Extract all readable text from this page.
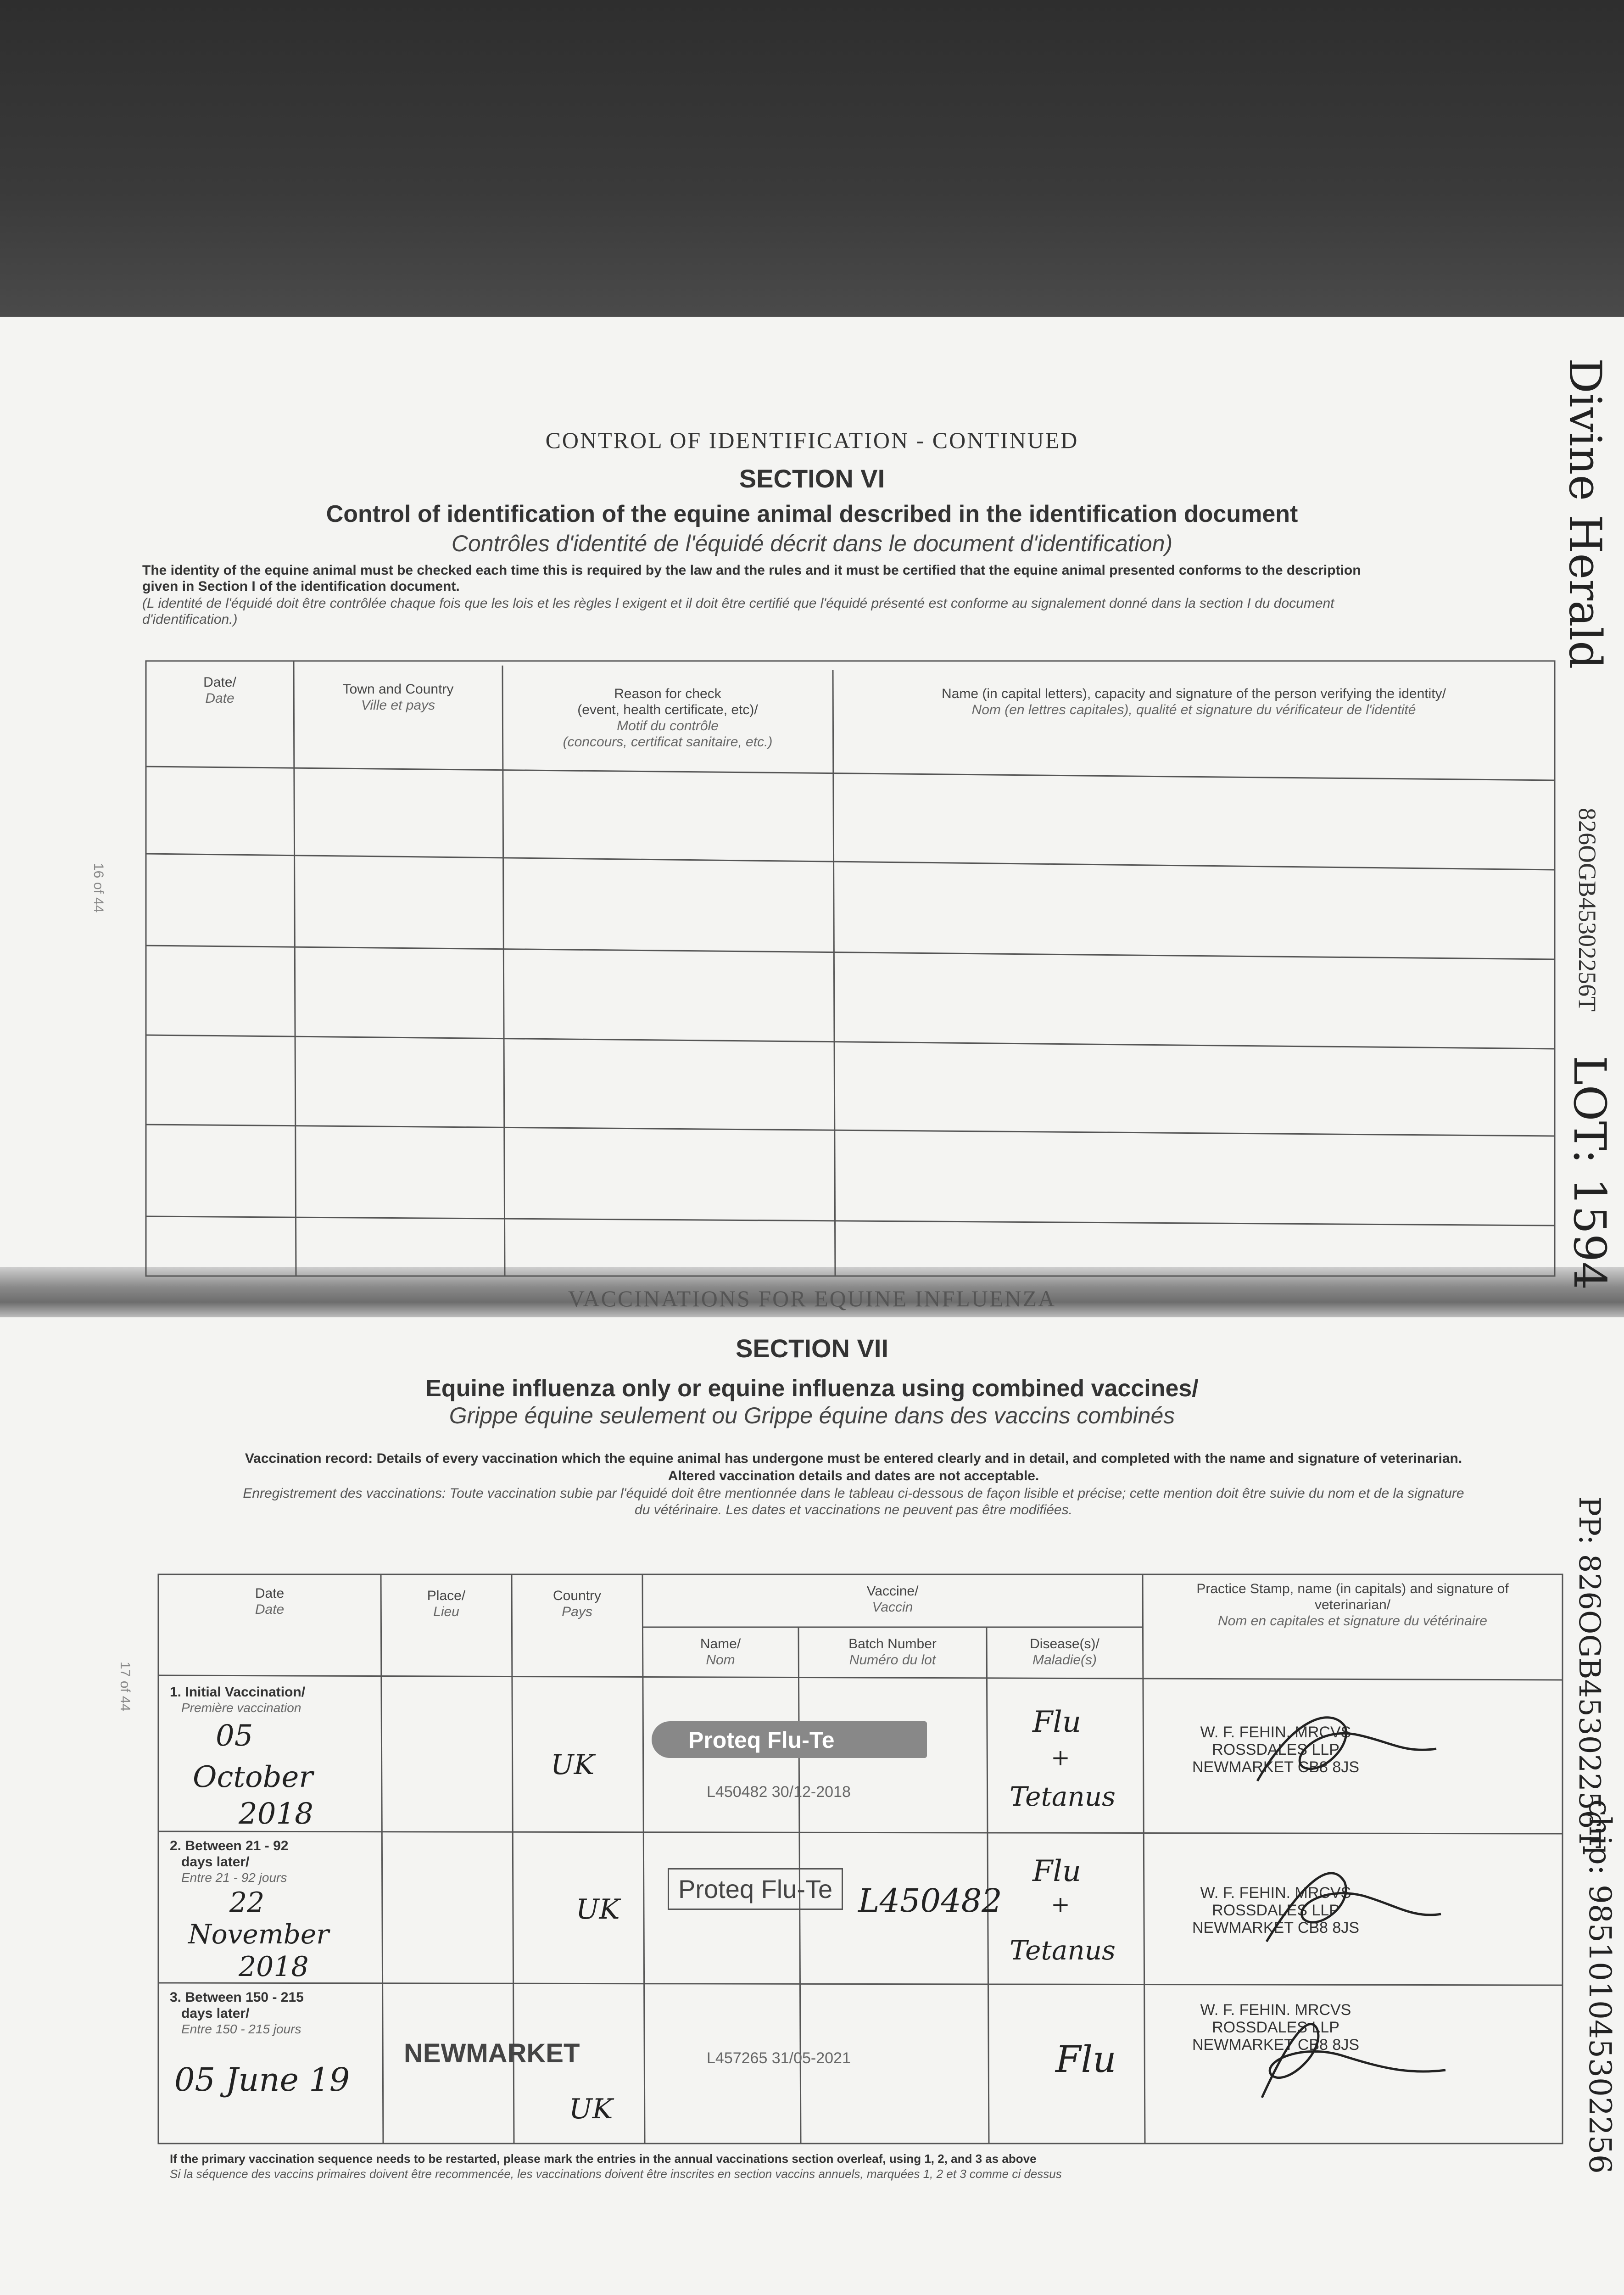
CONTROL OF IDENTIFICATION - CONTINUED
SECTION VI
Control of identification of the equine animal described in the identification document
Contrôles d'identité de l'équidé décrit dans le document d'identification)
The identity of the equine animal must be checked each time this is required by the law and the rules and it must be certified that the equine animal presented conforms to the description
given in Section I of the identification document.
(L identité de l'équidé doit être contrôlée chaque fois que les lois et les règles l exigent et il doit être certifié que l'équidé présenté est conforme au signalement donné dans la section I du document
d'identification.)
Date/
Date
Town and Country
Ville et pays
Reason for check
(event, health certificate, etc)/
Motif du contrôle
(concours, certificat sanitaire, etc.)
Name (in capital letters), capacity and signature of the person verifying the identity/
Nom (en lettres capitales), qualité et signature du vérificateur de l'identité
16 of 44
VACCINATIONS FOR EQUINE INFLUENZA
SECTION VII
Equine influenza only or equine influenza using combined vaccines/
Grippe équine seulement ou Grippe équine dans des vaccins combinés
Vaccination record: Details of every vaccination which the equine animal has undergone must be entered clearly and in detail, and completed with the name and signature of veterinarian.
Altered vaccination details and dates are not acceptable.
Enregistrement des vaccinations: Toute vaccination subie par l'équidé doit être mentionnée dans le tableau ci-dessous de façon lisible et précise; cette mention doit être suivie du nom et de la signature
du vétérinaire. Les dates et vaccinations ne peuvent pas être modifiées.
Date
Date
Place/
Lieu
Country
Pays
Vaccine/
Vaccin
Name/
Nom
Batch Number
Numéro du lot
Disease(s)/
Maladie(s)
Practice Stamp, name (in capitals) and signature of
veterinarian/
Nom en capitales et signature du vétérinaire
1. Initial Vaccination/
Première vaccination
05
October
2018
UK
Proteq Flu-Te
L450482 30/12-2018
Flu
+
Tetanus
W. F. FEHIN. MRCVS
ROSSDALES LLP
NEWMARKET CB8 8JS
2. Between 21 - 92
days later/
Entre 21 - 92 jours
22
November
2018
UK
Proteq Flu-Te L450482
Flu
+
Tetanus
W. F. FEHIN. MRCVS
ROSSDALES LLP
NEWMARKET CB8 8JS
3. Between 150 - 215
days later/
Entre 150 - 215 jours
05 June 19
NEWMARKET
UK
L457265 31/05-2021	Flu
W. F. FEHIN. MRCVS
ROSSDALES LLP
NEWMARKET CB8 8JS
If the primary vaccination sequence needs to be restarted, please mark the entries in the annual vaccinations section overleaf, using 1, 2, and 3 as above
Si la séquence des vaccins primaires doivent être recommencée, les vaccinations doivent être inscrites en section vaccins annuels, marquées 1, 2 et 3 comme ci dessus
17 of 44
Divine Herald
826OGB45302256T
LOT: 1594
PP: 826OGB45302256T
chip: 985101045302256
